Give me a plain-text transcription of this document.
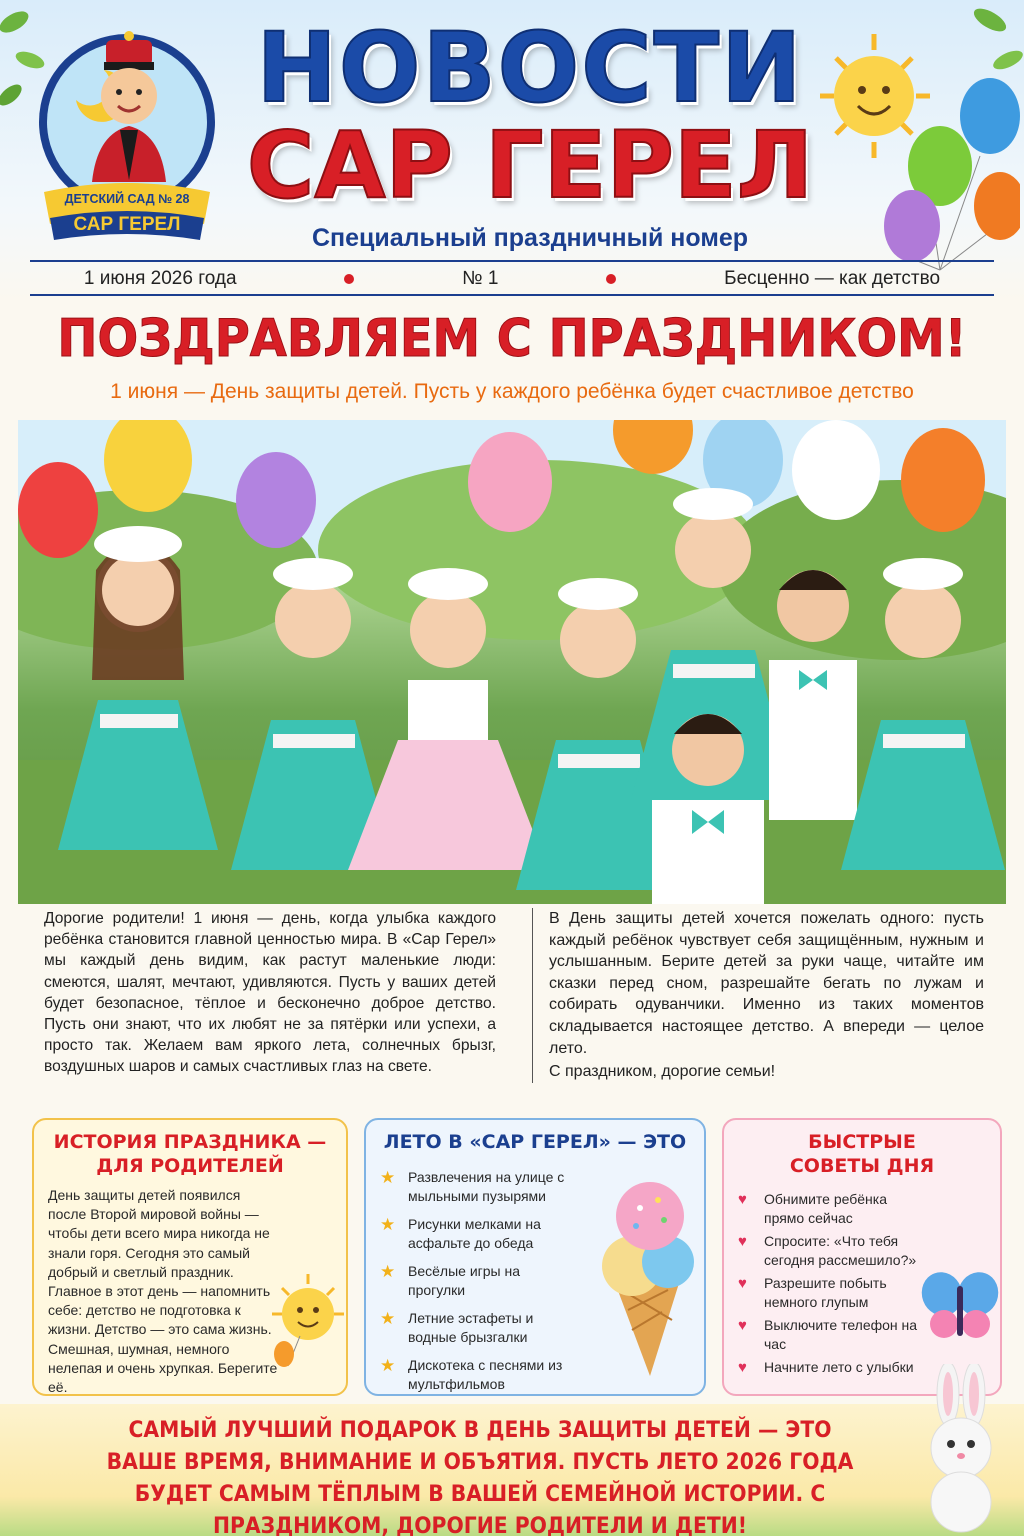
ДЕТСКИЙ САД № 28
САР ГЕРЕЛ
НОВОСТИ
САР ГЕРЕЛ
Специальный праздничный номер
1 июня 2026 года	№ 1	Бесценно — как детство
ПОЗДРАВЛЯЕМ С ПРАЗДНИКОМ!
1 июня — День защиты детей. Пусть у каждого ребёнка будет счастливое детство
Дорогие родители! 1 июня — день, когда улыбка каждого ребёнка становится главной ценностью мира. В «Сар Герел» мы каждый день видим, как растут маленькие люди: смеются, шалят, мечтают, удивляются. Пусть у ваших детей будет безопасное, тёплое и бесконечно доброе детство. Пусть они знают, что их любят не за пятёрки или успехи, а просто так. Желаем вам яркого лета, солнечных брызг, воздушных шаров и самых счастливых глаз на свете.
В День защиты детей хочется пожелать одного: пусть каждый ребёнок чувствует себя защищённым, нужным и услышанным. Берите детей за руки чаще, читайте им сказки перед сном, разрешайте бегать по лужам и собирать одуванчики. Именно из таких моментов складывается настоящее детство. А впереди — целое лето.
С праздником, дорогие семьи!
ИСТОРИЯ ПРАЗДНИКА — ДЛЯ РОДИТЕЛЕЙ

День защиты детей появился после Второй мировой войны — чтобы дети всего мира никогда не знали горя. Сегодня это самый добрый и светлый праздник. Главное в этот день — напомнить себе: детство не подготовка к жизни. Детство — это сама жизнь. Смешная, шумная, немного нелепая и очень хрупкая. Берегите её.

ЛЕТО В «САР ГЕРЕЛ» — ЭТО
★ Развлечения на улице с мыльными пузырями
★ Рисунки мелками на асфальте до обеда
★ Весёлые игры на прогулки
★ Летние эстафеты и водные брызгалки
★ Дискотека с песнями из мультфильмов
БЫСТРЫЕ СОВЕТЫ ДНЯ
♥	Обнимите ребёнка прямо сейчас
♥	Спросите: «Что тебя сегодня рассмешило?»
♥	Разрешите побыть немного глупым
♥	Выключите телефон на час
♥	Начните лето с улыбки
САМЫЙ ЛУЧШИЙ ПОДАРОК В ДЕНЬ ЗАЩИТЫ ДЕТЕЙ — ЭТО ВАШЕ ВРЕМЯ, ВНИМАНИЕ И ОБЪЯТИЯ. ПУСТЬ ЛЕТО 2026 ГОДА БУДЕТ САМЫМ ТЁПЛЫМ В ВАШЕЙ СЕМЕЙНОЙ ИСТОРИИ. С ПРАЗДНИКОМ, ДОРОГИЕ РОДИТЕЛИ И ДЕТИ!
